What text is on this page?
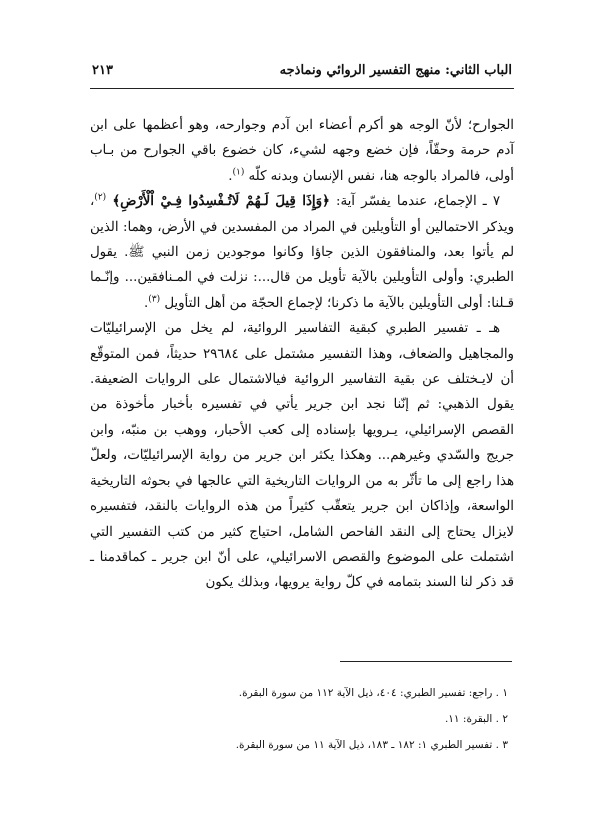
الباب الثاني: منهج التفسير الروائي ونماذجه
٢١٣

الجوارح؛ لأنّ الوجه هو أكرم أعضاء ابن آدم وجوارحه، وهو أعظمها على ابن آدم حرمة وحقّاً، فإن خضع وجهه لشيء، كان خضوع باقي الجوارح من بـاب أولى، فالمراد بالوجه هنا، نفس الإنسان وبدنه كلّه $^{(١)}$.

٧ ـ الإجماع، عندما يفسّر آية: ﴿وَإِذَا قِيلَ لَـهُمْ لَاتُـفْسِدُوا فِـيْ اْلْأَرْضِ﴾ $^{(٢)}$، ويذكر الاحتمالين أو التأويلين في المراد من المفسدين في الأرض، وهما: الذين لم يأتوا بعد، والمنافقون الذين جاؤا وكانوا موجودين زمن النبي ﷺ. يقول الطبري: وأولى التأويلين بالآية تأويل من قال...: نزلت في المـنافقين... وإنّـما قـلنا: أولى التأويلين بالآية ما ذكرنا؛ لإجماع الحجّة من أهل التأويل $^{(٣)}$.

هـ ـ تفسير الطبري كبقية التفاسير الروائية، لم يخل من الإسرائيليّات والمجاهيل والضعاف، وهذا التفسير مشتمل على ٢٩٦٨٤ حديثاً، فمن المتوقّع أن لايـختلف عن بقية التفاسير الروائية فيالاشتمال على الروايات الضعيفة. يقول الذهبي: ثم إنّنا نجد ابن جرير يأتي في تفسيره بأخبار مأخوذة من القصص الإسرائيلي، يـرويها بإسناده إلى كعب الأحبار، ووهب بن منبّه، وابن جريج والسّدي وغيرهم... وهكذا يكثر ابن جرير من رواية الإسرائيليّات، ولعلّ هذا راجع إلى ما تأثّر به من الروايات التاريخية التي عالجها في بحوثه التاريخية الواسعة، وإذاكان ابن جرير يتعقّب كثيراً من هذه الروايات بالنقد، فتفسيره لايزال يحتاج إلى النقد الفاحص الشامل، احتياج كثير من كتب التفسير التي اشتملت على الموضوع والقصص الاسرائيلي، على أنّ ابن جرير ـ كماقدمنا ـ قد ذكر لنا السند بتمامه في كلّ رواية يرويها، وبذلك يكون

١ . راجع: تفسير الطبري: ٤٠٤، ذيل الآية ١١٢ من سورة البقرة.
٢ . البقرة: ١١.
٣ . تفسير الطبري ١: ١٨٢ ـ ١٨٣، ذيل الآية ١١ من سورة البقرة.
